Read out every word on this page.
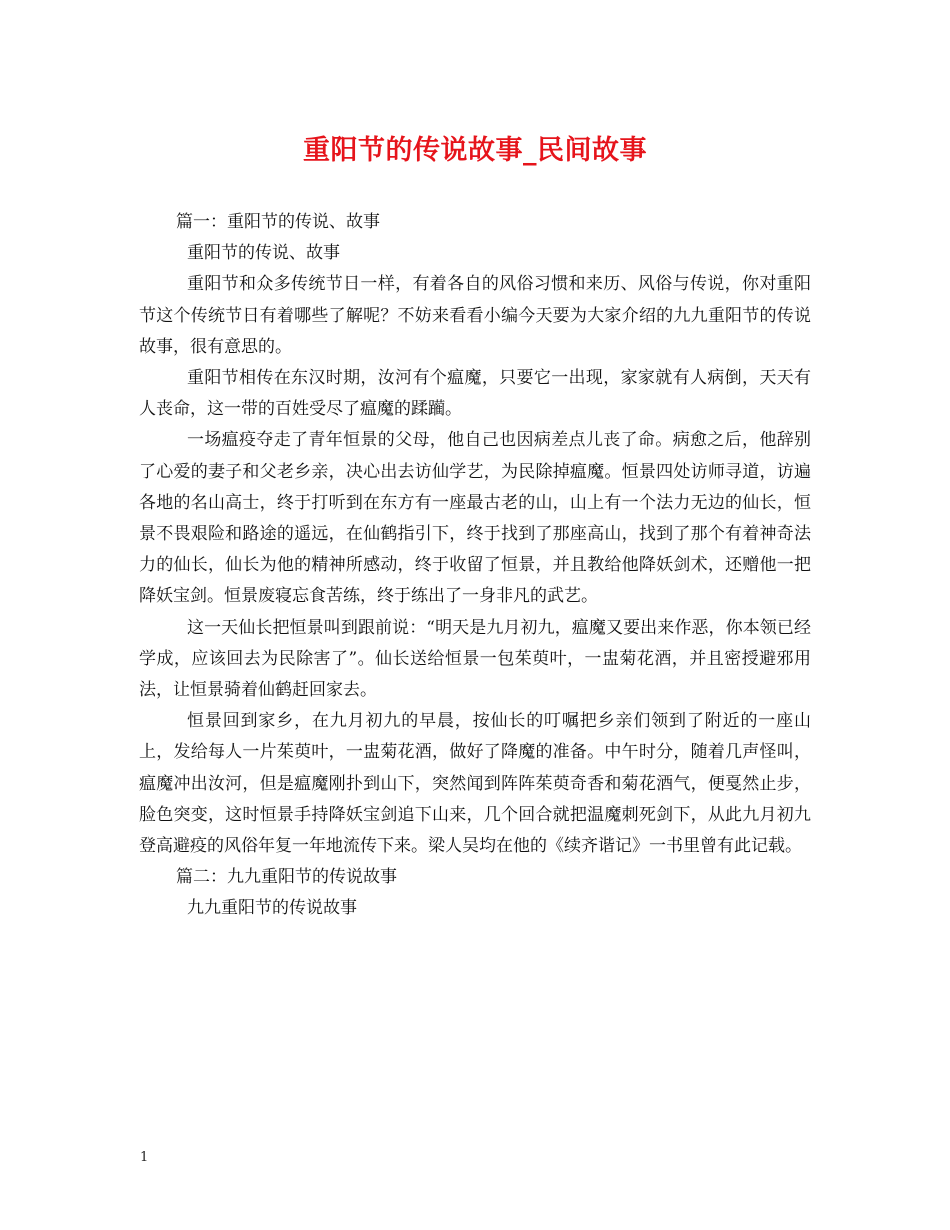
重阳节的传说故事_民间故事

篇一：重阳节的传说、故事

重阳节的传说、故事

重阳节和众多传统节日一样，有着各自的风俗习惯和来历、风俗与传说，你对重阳节这个传统节日有着哪些了解呢？不妨来看看小编今天要为大家介绍的九九重阳节的传说故事，很有意思的。

重阳节相传在东汉时期，汝河有个瘟魔，只要它一出现，家家就有人病倒，天天有人丧命，这一带的百姓受尽了瘟魔的蹂躏。

一场瘟疫夺走了青年恒景的父母，他自己也因病差点儿丧了命。病愈之后，他辞别了心爱的妻子和父老乡亲，决心出去访仙学艺，为民除掉瘟魔。恒景四处访师寻道，访遍各地的名山高士，终于打听到在东方有一座最古老的山，山上有一个法力无边的仙长，恒景不畏艰险和路途的遥远，在仙鹤指引下，终于找到了那座高山，找到了那个有着神奇法力的仙长，仙长为他的精神所感动，终于收留了恒景，并且教给他降妖剑术，还赠他一把降妖宝剑。恒景废寝忘食苦练，终于练出了一身非凡的武艺。

这一天仙长把恒景叫到跟前说：“明天是九月初九，瘟魔又要出来作恶，你本领已经学成，应该回去为民除害了”。仙长送给恒景一包茱萸叶，一盅菊花酒，并且密授避邪用法，让恒景骑着仙鹤赶回家去。

恒景回到家乡，在九月初九的早晨，按仙长的叮嘱把乡亲们领到了附近的一座山上，发给每人一片茱萸叶，一盅菊花酒，做好了降魔的准备。中午时分，随着几声怪叫，瘟魔冲出汝河，但是瘟魔刚扑到山下，突然闻到阵阵茱萸奇香和菊花酒气，便戛然止步，脸色突变，这时恒景手持降妖宝剑追下山来，几个回合就把温魔刺死剑下，从此九月初九登高避疫的风俗年复一年地流传下来。梁人吴均在他的《续齐谐记》一书里曾有此记载。

篇二：九九重阳节的传说故事

九九重阳节的传说故事

1
